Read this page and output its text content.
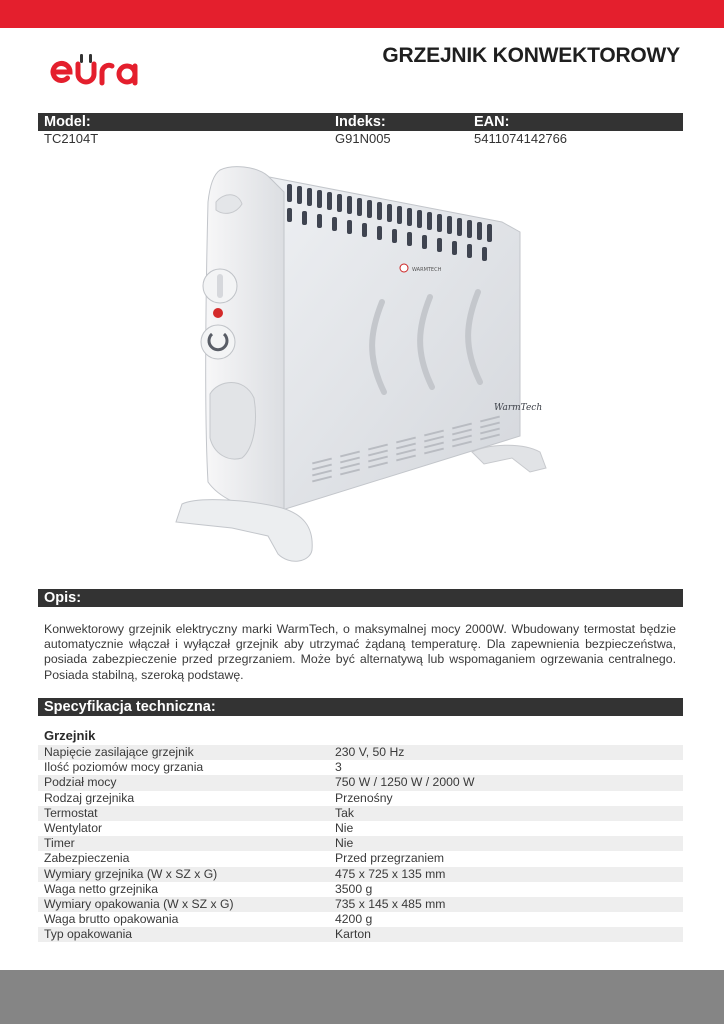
GRZEJNIK KONWEKTOROWY
Model:	Indeks:	EAN:
TC2104T	G91N005	5411074142766
WARMTECH
WarmTech
Opis:
Konwektorowy grzejnik elektryczny marki WarmTech, o maksymalnej mocy 2000W. Wbudowany termostat będzie automatycznie włączał i wyłączał grzejnik aby utrzymać żądaną temperaturę. Dla zapewnienia bezpieczeństwa, posiada zabezpieczenie przed przegrzaniem. Może być alternatywą lub wspomaganiem ogrzewania centralnego. Posiada stabilną, szeroką podstawę.
Specyfikacja techniczna:
Grzejnik
Napięcie zasilające grzejnik	230 V, 50 Hz
Ilość poziomów mocy grzania	3
Podział mocy	750 W / 1250 W / 2000 W
Rodzaj grzejnika	Przenośny
Termostat	Tak
Wentylator	Nie
Timer	Nie
Zabezpieczenia	Przed przegrzaniem
Wymiary grzejnika (W x SZ x G)	475 x 725 x 135 mm
Waga netto grzejnika	3500 g
Wymiary opakowania (W x SZ x G)	735 x 145 x 485 mm
Waga brutto opakowania	4200 g
Typ opakowania	Karton
